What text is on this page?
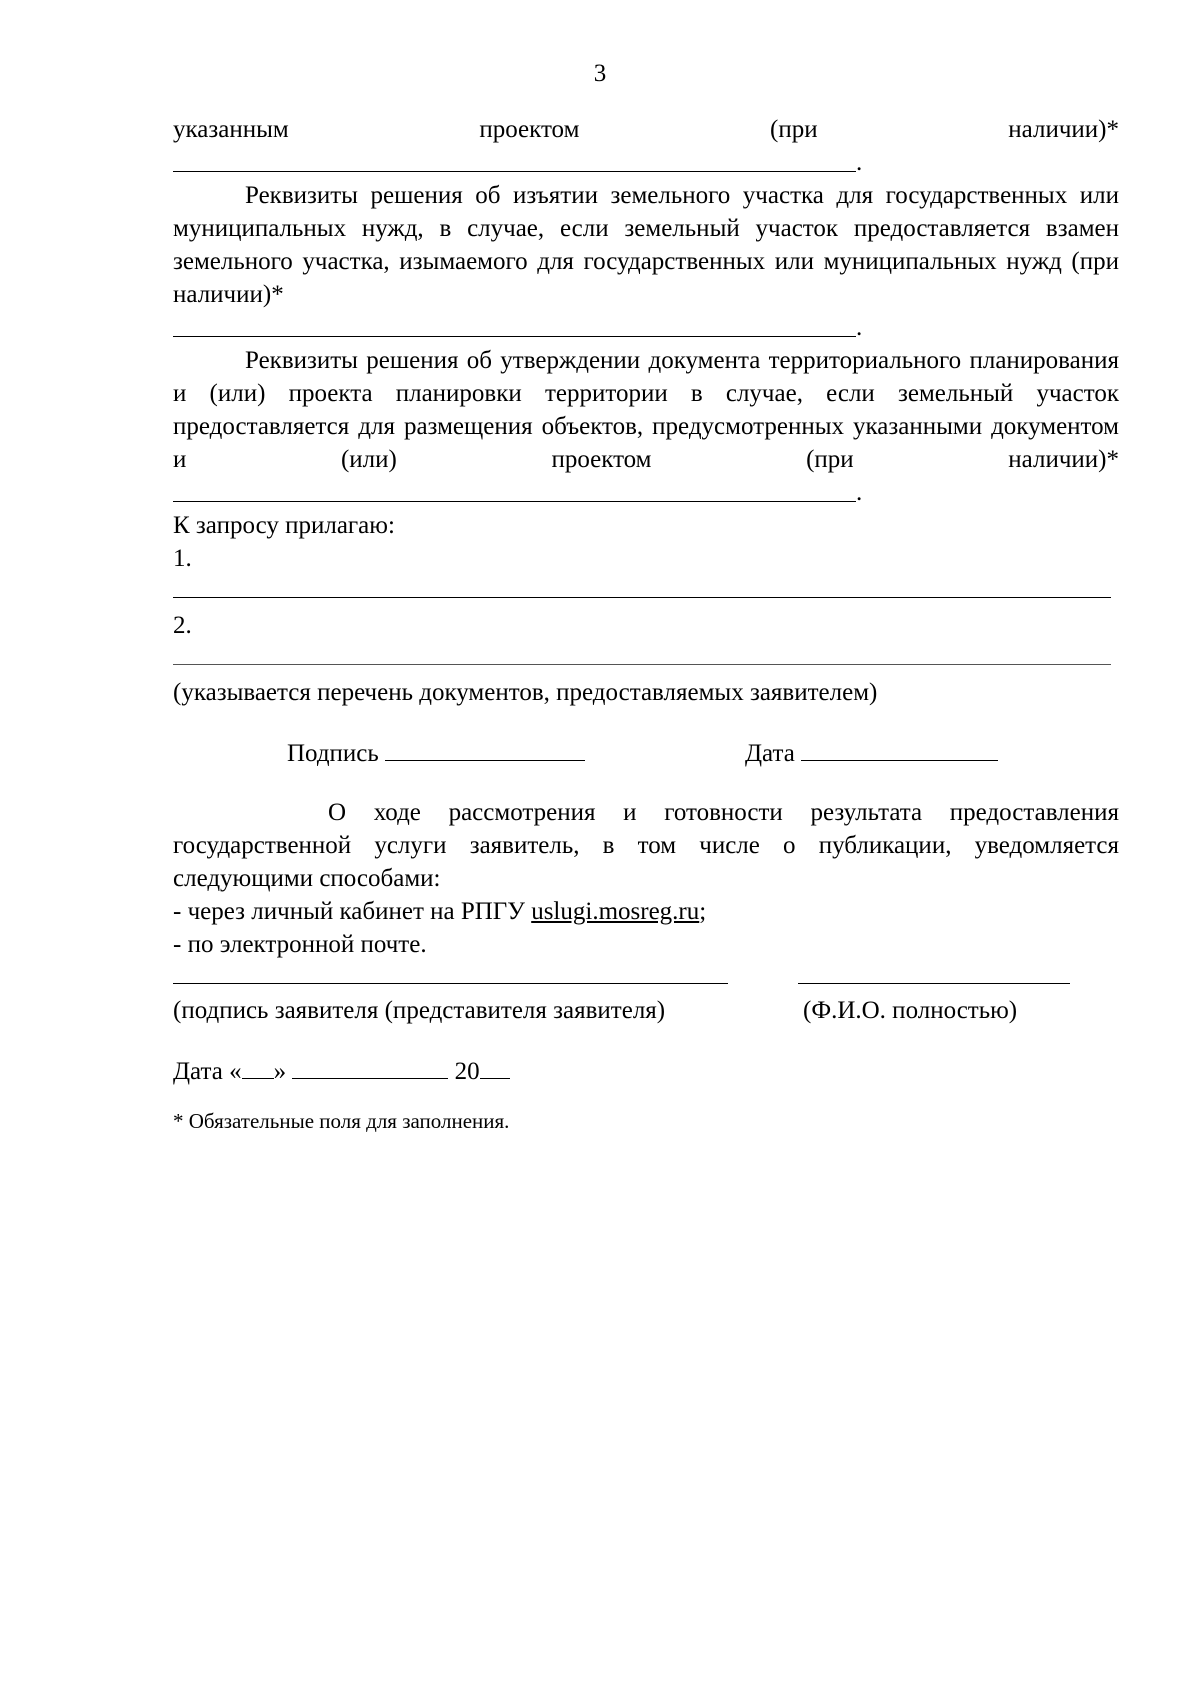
3
указанным	проектом	(при	наличии)*
.
Реквизиты решения об изъятии земельного участка для государственных или муниципальных нужд, в случае, если земельный участок предоставляется взамен земельного участка, изымаемого для государственных или муниципальных нужд (при наличии)*
.
Реквизиты решения об утверждении документа территориального планирования и (или) проекта планировки территории в случае, если земельный участок предоставляется для размещения объектов, предусмотренных указанными документом и (или) проектом (при наличии)*
.
К запросу прилагаю:
1.
2.
(указывается перечень документов, предоставляемых заявителем)
Подпись	Дата
О ходе рассмотрения и готовности результата предоставления государственной услуги заявитель, в том числе о публикации, уведомляется следующими способами:
- через личный кабинет на РПГУ uslugi.mosreg.ru;
- по электронной почте.
(подпись заявителя (представителя заявителя)	(Ф.И.О. полностью)
Дата « »	20
* Обязательные поля для заполнения.
